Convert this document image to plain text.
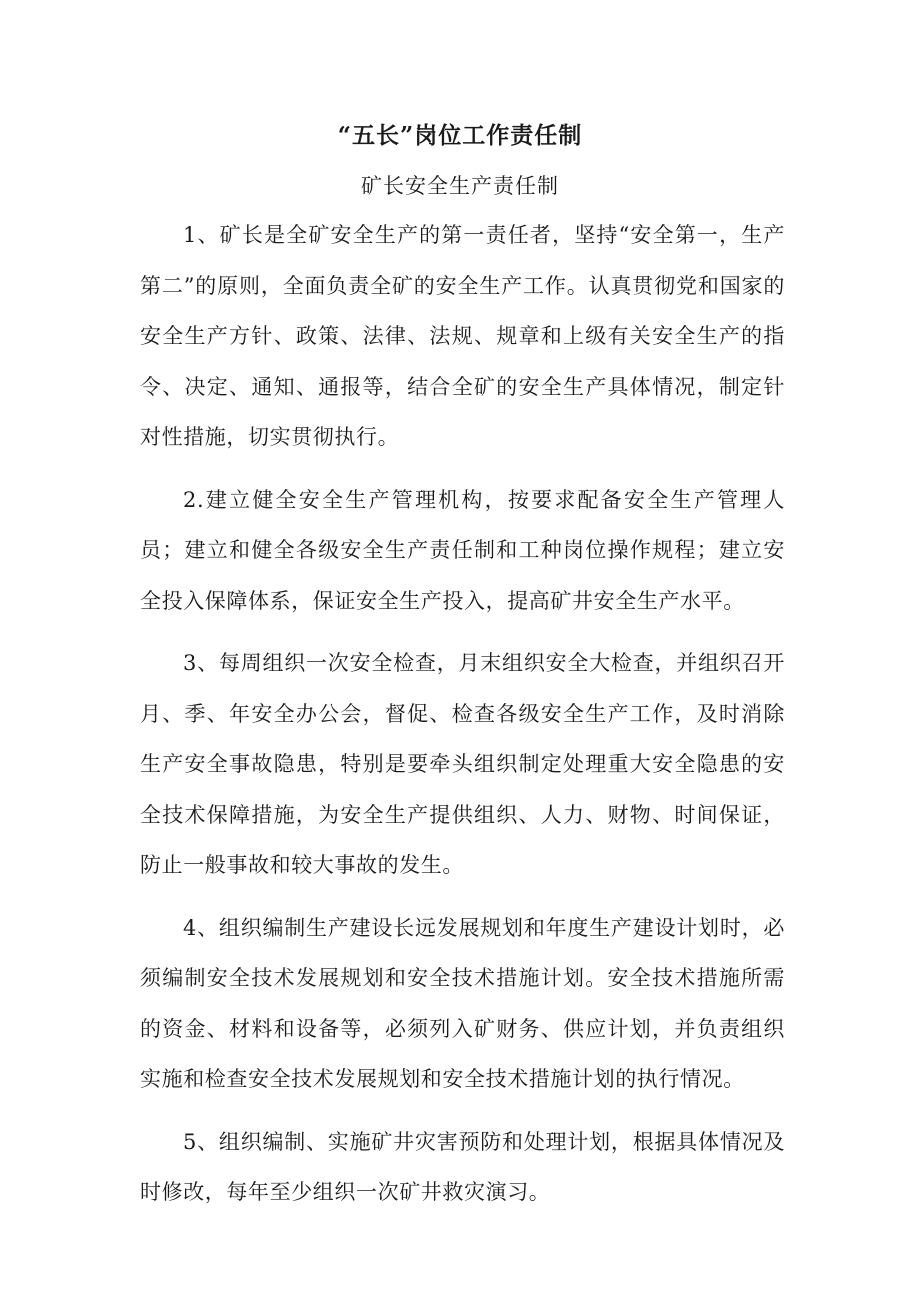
“五长”岗位工作责任制
矿长安全生产责任制

1、矿长是全矿安全生产的第一责任者，坚持“安全第一，生产第二”的原则，全面负责全矿的安全生产工作。认真贯彻党和国家的安全生产方针、政策、法律、法规、规章和上级有关安全生产的指令、决定、通知、通报等，结合全矿的安全生产具体情况，制定针对性措施，切实贯彻执行。

2.建立健全安全生产管理机构，按要求配备安全生产管理人员；建立和健全各级安全生产责任制和工种岗位操作规程；建立安全投入保障体系，保证安全生产投入，提高矿井安全生产水平。

3、每周组织一次安全检查，月末组织安全大检查，并组织召开月、季、年安全办公会，督促、检查各级安全生产工作，及时消除生产安全事故隐患，特别是要牵头组织制定处理重大安全隐患的安全技术保障措施，为安全生产提供组织、人力、财物、时间保证，防止一般事故和较大事故的发生。

4、组织编制生产建设长远发展规划和年度生产建设计划时，必须编制安全技术发展规划和安全技术措施计划。安全技术措施所需的资金、材料和设备等，必须列入矿财务、供应计划，并负责组织实施和检查安全技术发展规划和安全技术措施计划的执行情况。

5、组织编制、实施矿井灾害预防和处理计划，根据具体情况及时修改，每年至少组织一次矿井救灾演习。
